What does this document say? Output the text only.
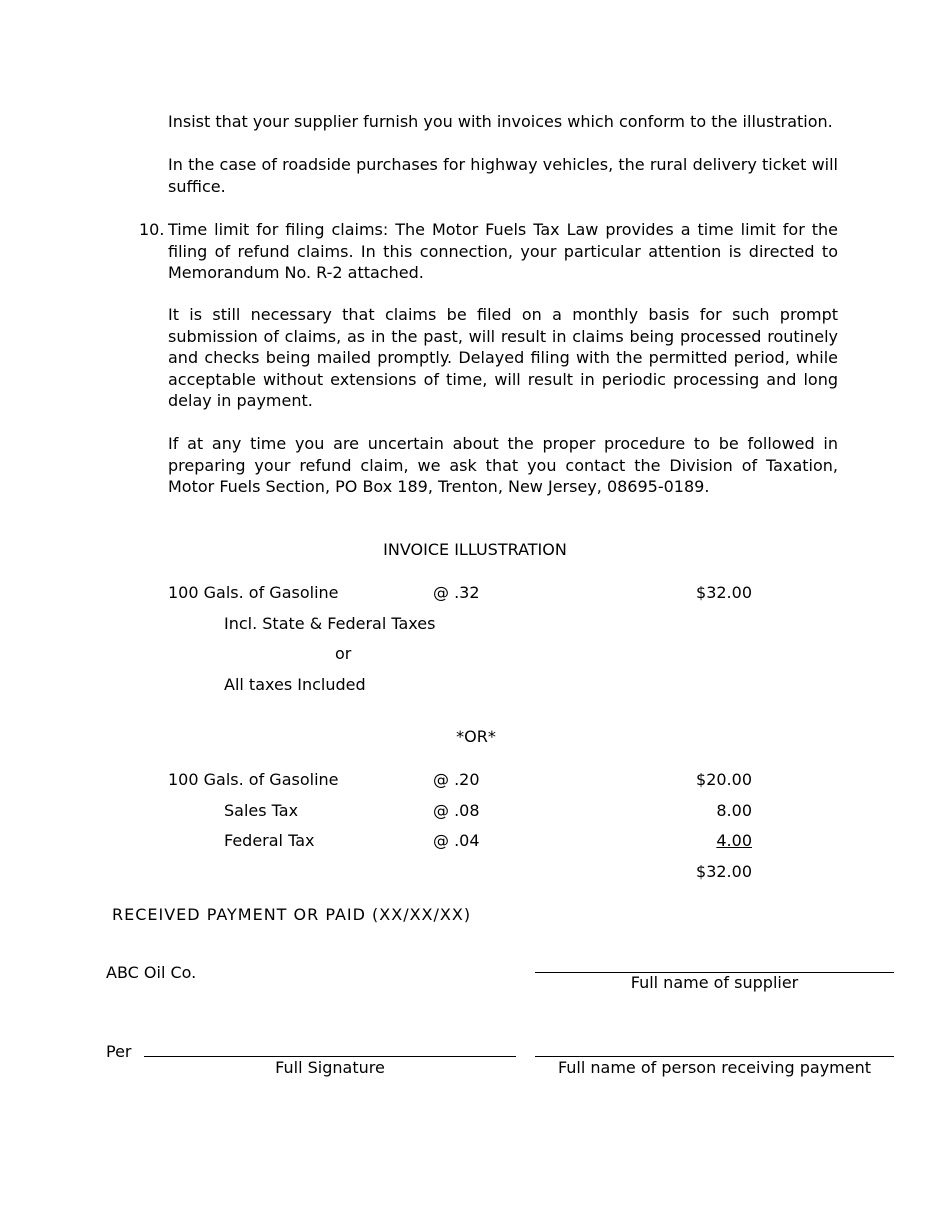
Insist that your supplier furnish you with invoices which conform to the illustration.
In the case of roadside purchases for highway vehicles, the rural delivery ticket will suffice.
10. Time limit for filing claims: The Motor Fuels Tax Law provides a time limit for the filing of refund claims. In this connection, your particular attention is directed to Memorandum No. R-2 attached.
It is still necessary that claims be filed on a monthly basis for such prompt submission of claims, as in the past, will result in claims being processed routinely and checks being mailed promptly. Delayed filing with the permitted period, while acceptable without extensions of time, will result in periodic processing and long delay in payment.
If at any time you are uncertain about the proper procedure to be followed in preparing your refund claim, we ask that you contact the Division of Taxation, Motor Fuels Section, PO Box 189, Trenton, New Jersey, 08695-0189.
INVOICE ILLUSTRATION
100 Gals. of Gasoline	@ .32	$32.00
Incl. State & Federal Taxes
or
All taxes Included
*OR*
100 Gals. of Gasoline	@ .20	$20.00
Sales Tax	@ .08	8.00
Federal Tax	@ .04	4.00
$32.00
RECEIVED PAYMENT OR PAID (XX/XX/XX)
ABC Oil Co.
Full name of supplier
Per
Full Signature	Full name of person receiving payment
